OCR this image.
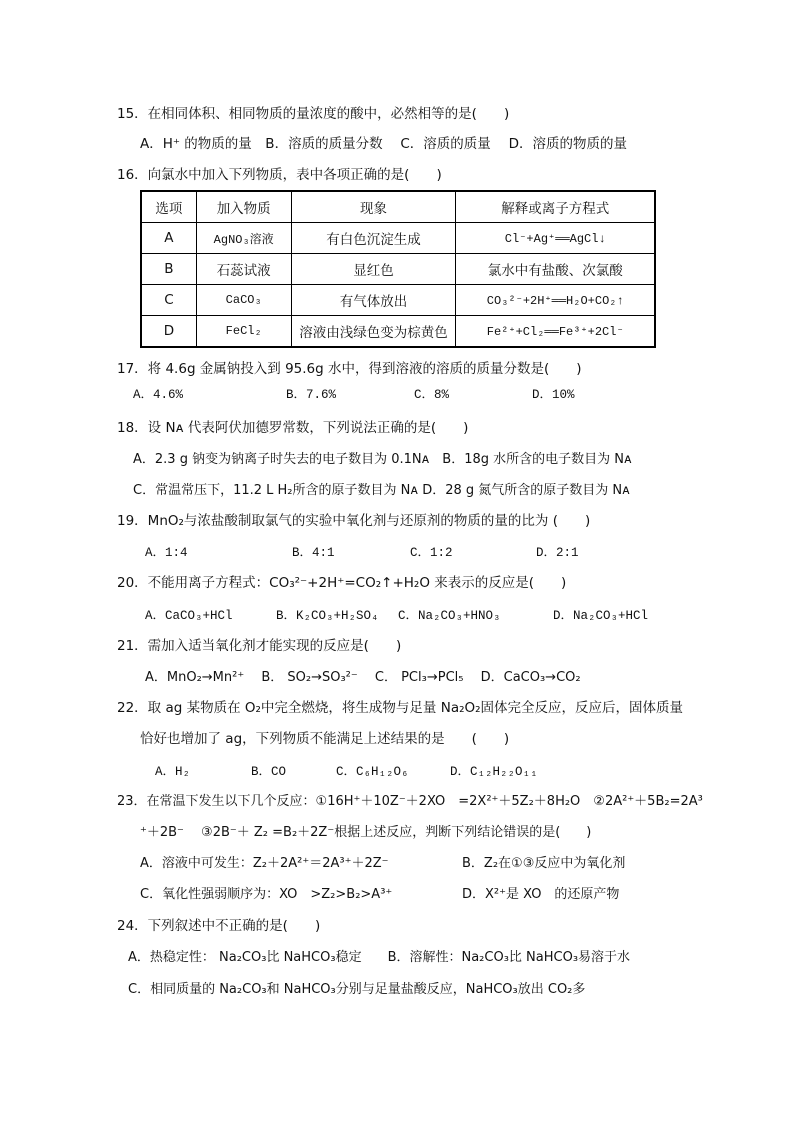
15．在相同体积、相同物质的量浓度的酸中，必然相等的是(　　)
A．H⁺ 的物质的量　B．溶质的质量分数　 C．溶质的质量　 D．溶质的物质的量
16．向氯水中加入下列物质，表中各项正确的是(　　)
选项	加入物质	现象	解释或离子方程式
A	AgNO₃溶液	有白色沉淀生成	Cl⁻+Ag⁺══AgCl↓
B	石蕊试液	显红色	氯水中有盐酸、次氯酸
C	CaCO₃	有气体放出	CO₃²⁻+2H⁺══H₂O+CO₂↑
D	FeCl₂	溶液由浅绿色变为棕黄色	Fe²⁺+Cl₂══Fe³⁺+2Cl⁻
17．将 4.6g 金属钠投入到 95.6g 水中，得到溶液的溶质的质量分数是(　　)
A．4.6%	B．7.6%	C．8%	D．10%
18．设 Nᴀ 代表阿伏加德罗常数，下列说法正确的是(　　)
A．2.3 g 钠变为钠离子时失去的电子数目为 0.1Nᴀ　B．18g 水所含的电子数目为 Nᴀ
C．常温常压下，11.2 L H₂所含的原子数目为 Nᴀ D．28 g 氮气所含的原子数目为 Nᴀ
19．MnO₂与浓盐酸制取氯气的实验中氧化剂与还原剂的物质的量的比为 (　　)
A．1:4	B．4:1	C．1:2	D．2:1
20．不能用离子方程式：CO₃²⁻+2H⁺=CO₂↑+H₂O 来表示的反应是(　　)
A．CaCO₃+HCl	B．K₂CO₃+H₂SO₄ C．Na₂CO₃+HNO₃	D．Na₂CO₃+HCl
21．需加入适当氧化剂才能实现的反应是(　　)
A．MnO₂→Mn²⁺　 B． SO₂→SO₃²⁻　 C． PCl₃→PCl₅　 D．CaCO₃→CO₂
22．取 ag 某物质在 O₂中完全燃烧，将生成物与足量 Na₂O₂固体完全反应，反应后，固体质量
恰好也增加了 ag，下列物质不能满足上述结果的是　　(　　)
A．H₂	B．CO	C．C₆H₁₂O₆	D．C₁₂H₂₂O₁₁
23．在常温下发生以下几个反应：①16H⁺＋10Z⁻＋2XO　=2X²⁺＋5Z₂＋8H₂O　②2A²⁺＋5B₂=2A³
⁺＋2B⁻　 ③2B⁻＋ Z₂ =B₂＋2Z⁻根据上述反应，判断下列结论错误的是(　　)
A．溶液中可发生：Z₂＋2A²⁺＝2A³⁺＋2Z⁻	B．Z₂在①③反应中为氧化剂
C．氧化性强弱顺序为：XO　>Z₂>B₂>A³⁺	D．X²⁺是 XO　的还原产物
24．下列叙述中不正确的是(　　)
A．热稳定性： Na₂CO₃比 NaHCO₃稳定　　B．溶解性：Na₂CO₃比 NaHCO₃易溶于水
C．相同质量的 Na₂CO₃和 NaHCO₃分别与足量盐酸反应，NaHCO₃放出 CO₂多
